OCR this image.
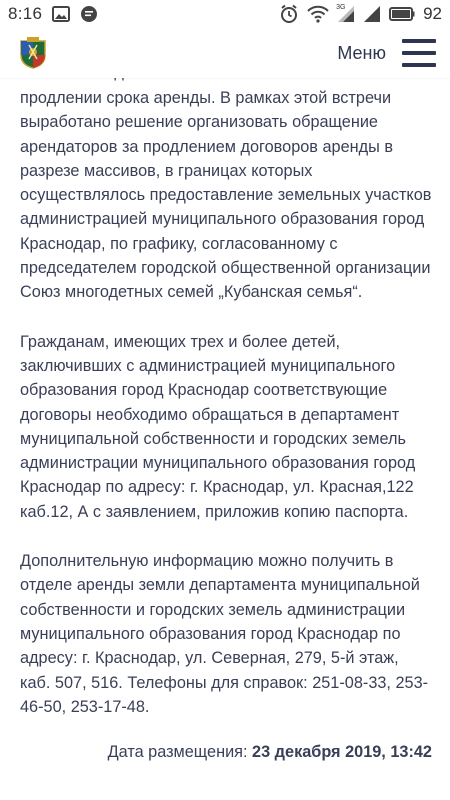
8:16	3G	92
Меню

продлении срока аренды. В рамках этой встречи выработано решение организовать обращение арендаторов за продлением договоров аренды в разрезе массивов, в границах которых осуществлялось предоставление земельных участков администрацией муниципального образования город Краснодар, по графику, согласованному с председателем городской общественной организации Союз многодетных семей „Кубанская семья“.

Гражданам, имеющих трех и более детей, заключивших с администрацией муниципального образования город Краснодар соответствующие договоры необходимо обращаться в департамент муниципальной собственности и городских земель администрации муниципального образования город Краснодар по адресу: г. Краснодар, ул. Красная,122 каб.12, А с заявлением, приложив копию паспорта.

Дополнительную информацию можно получить в отделе аренды земли департамента муниципальной собственности и городских земель администрации муниципального образования город Краснодар по адресу: г. Краснодар, ул. Северная, 279, 5-й этаж, каб. 507, 516. Телефоны для справок: 251-08-33, 253-46-50, 253-17-48.

Дата размещения: 23 декабря 2019, 13:42
